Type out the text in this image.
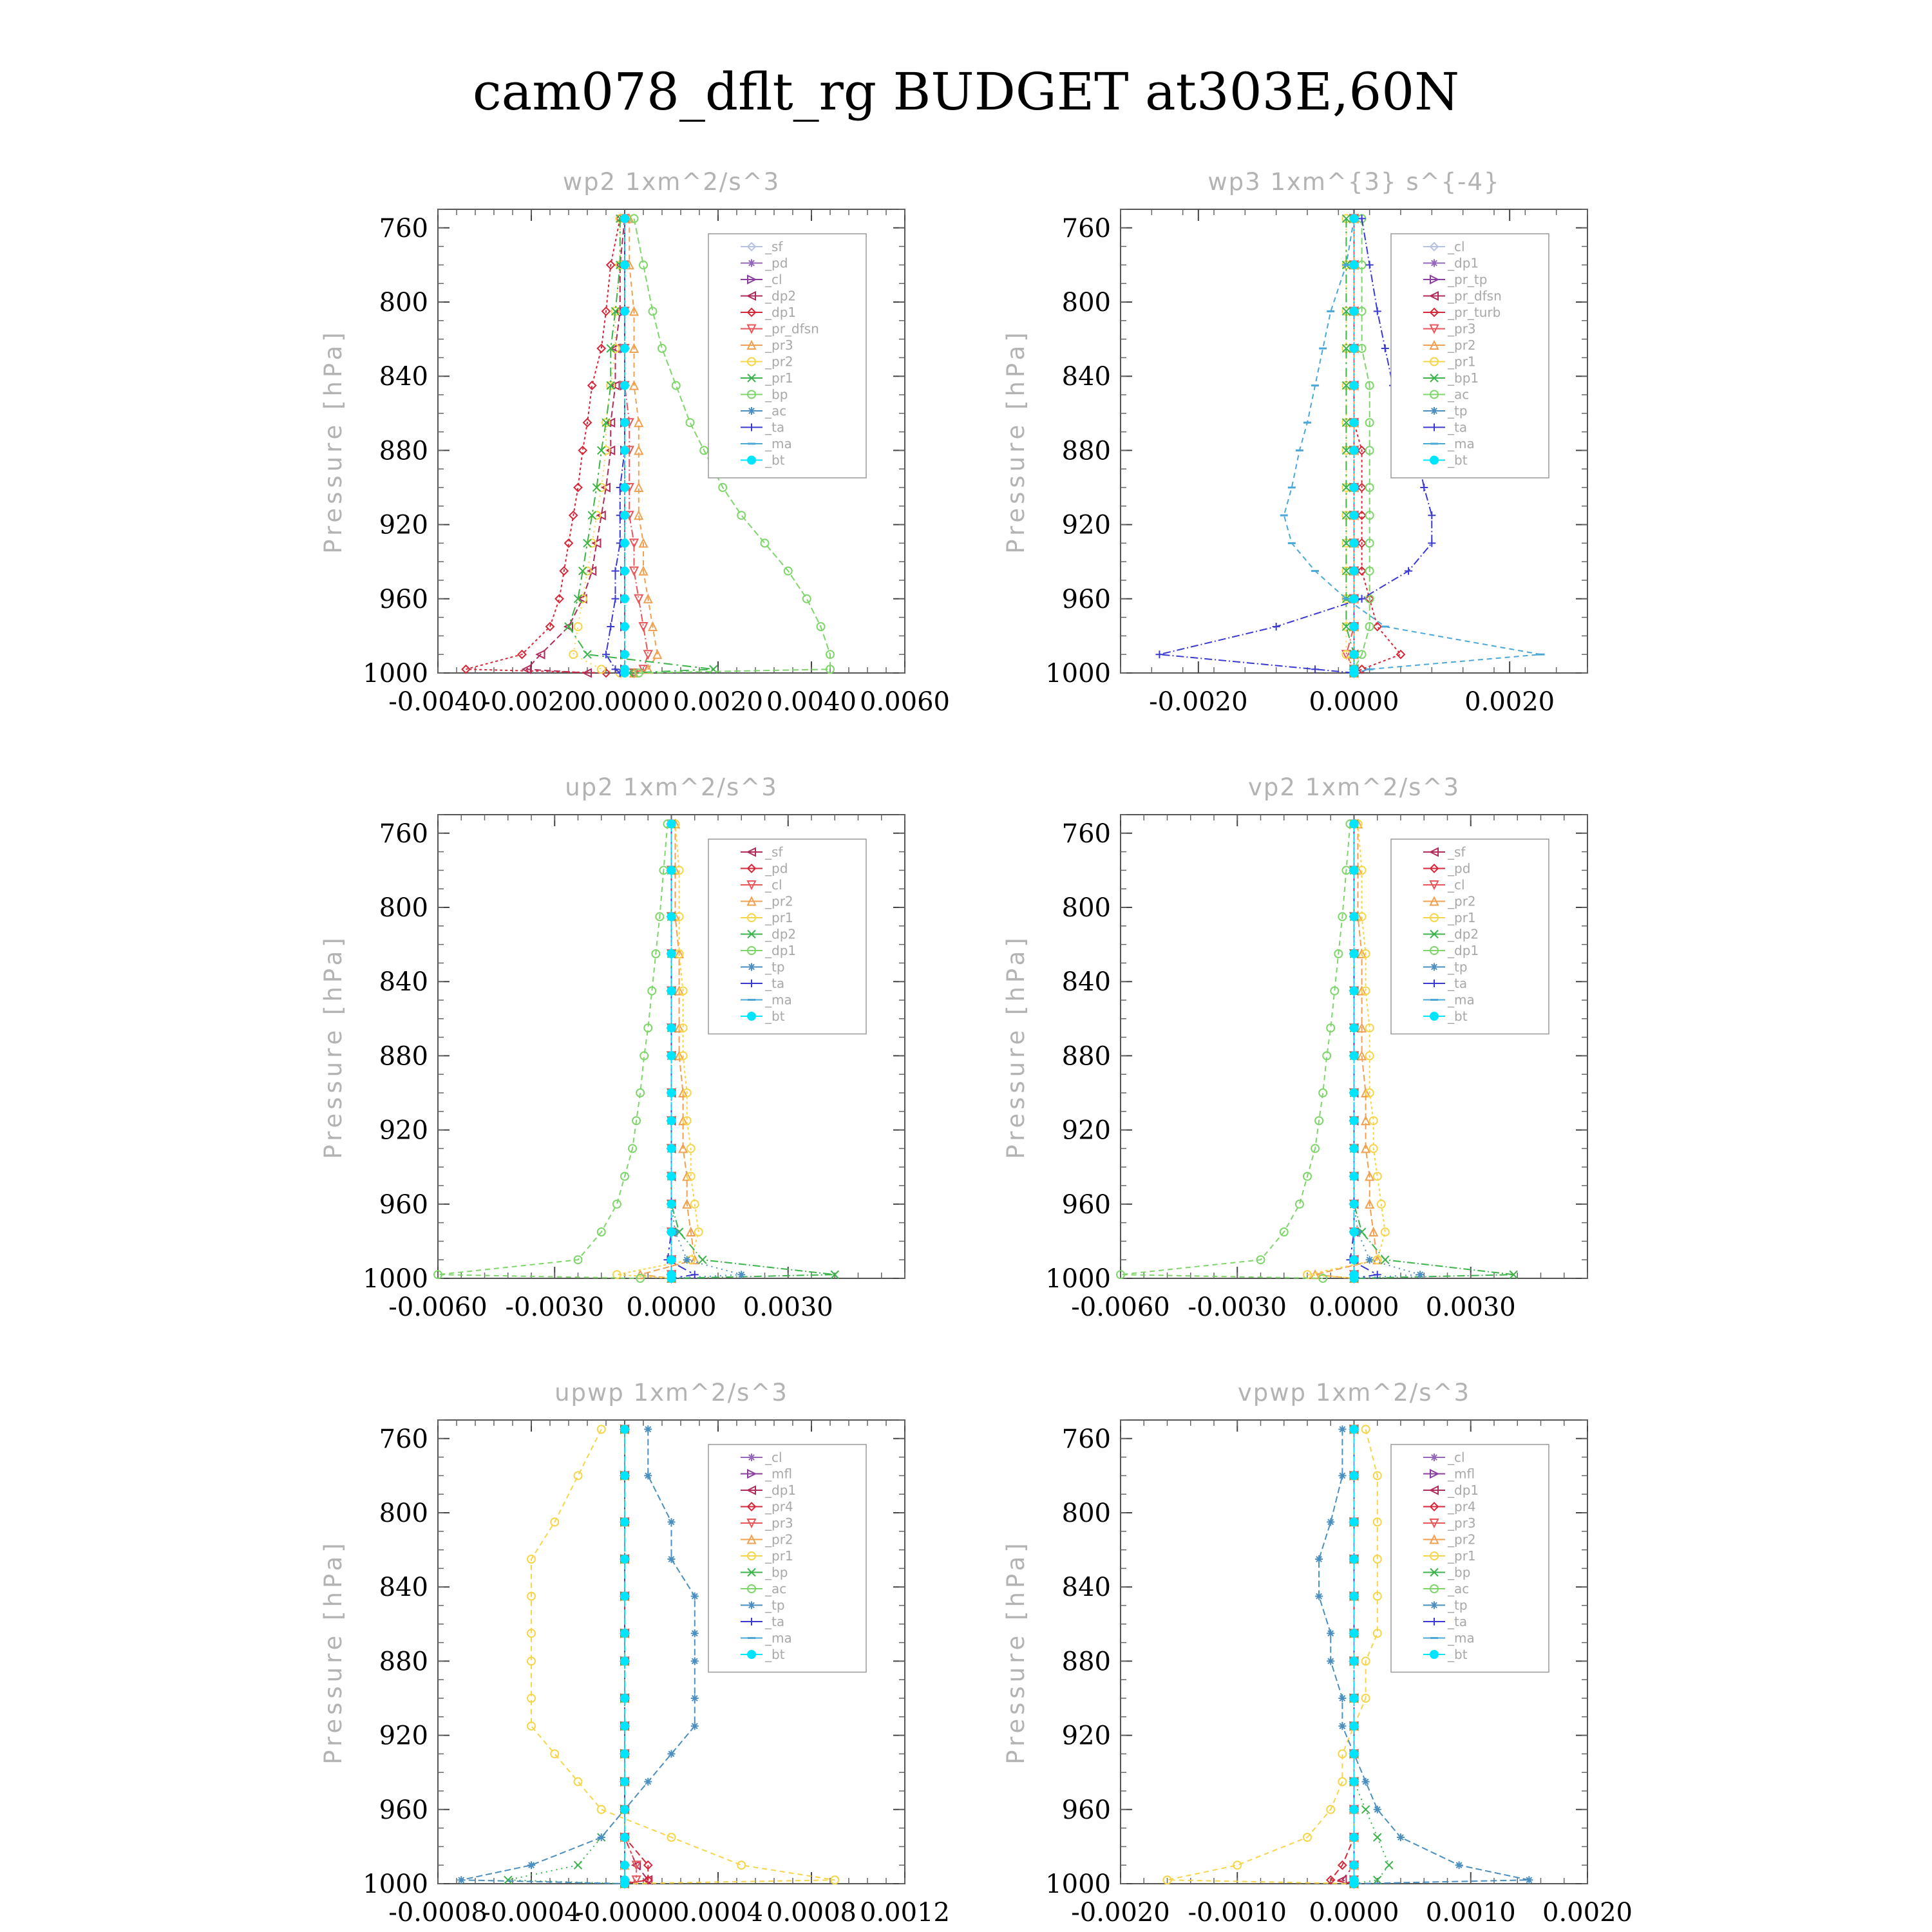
cam078_dflt_rg BUDGET at303E,60N
wp2 1xm^2/s^3
Pressure [hPa]
760
800
840
880
920
960
1000
-0.0040
-0.0020
0.0000 0.0020 0.0040 0.0060
_sf
_pd
_cl
_dp2
_dp1
_pr_dfsn
_pr3
_pr2
_pr1
_bp
_ac
_ta
_ma
_bt
wp3 1xm^{3} s^{-4}
Pressure [hPa]
760
800
840
880
920
960
1000
-0.0020 0.0000	0.0020
_cl
_dp1
_pr_tp
_pr_dfsn
_pr_turb
_pr3
_pr2
_pr1
_bp1
_ac
_tp
_ta
_ma
_bt
up2 1xm^2/s^3
Pressure [hPa]
760
800
840
880
920
960
1000
-0.0060 -0.0030 0.0000 0.0030
_sf
_pd
_cl
_pr2
_pr1
_dp2
_dp1
_tp
_ta
_ma
_bt
vp2 1xm^2/s^3
Pressure [hPa]
760
800
840
880
920
960
1000
-0.0060 -0.0030 0.0000 0.0030
_sf
_pd
_cl
_pr2
_pr1
_dp2
_dp1
_tp
_ta
_ma
_bt
upwp 1xm^2/s^3
Pressure [hPa]
760
800
840
880
920
960
1000
-0.0008
-0.0004
-0.0000
0.0004 0.0008 0.0012
_cl
_mfl
_dp1
_pr4
_pr3
_pr2
_pr1
_bp
_ac
_tp
_ta
_ma
_bt
vpwp 1xm^2/s^3
Pressure [hPa]
760
800
840
880
920
960
1000
-0.0020 -0.0010 0.0000 0.0010 0.0020
_cl
_mfl
_dp1
_pr4
_pr3
_pr2
_pr1
_bp
_ac
_tp
_ta
_ma
_bt
